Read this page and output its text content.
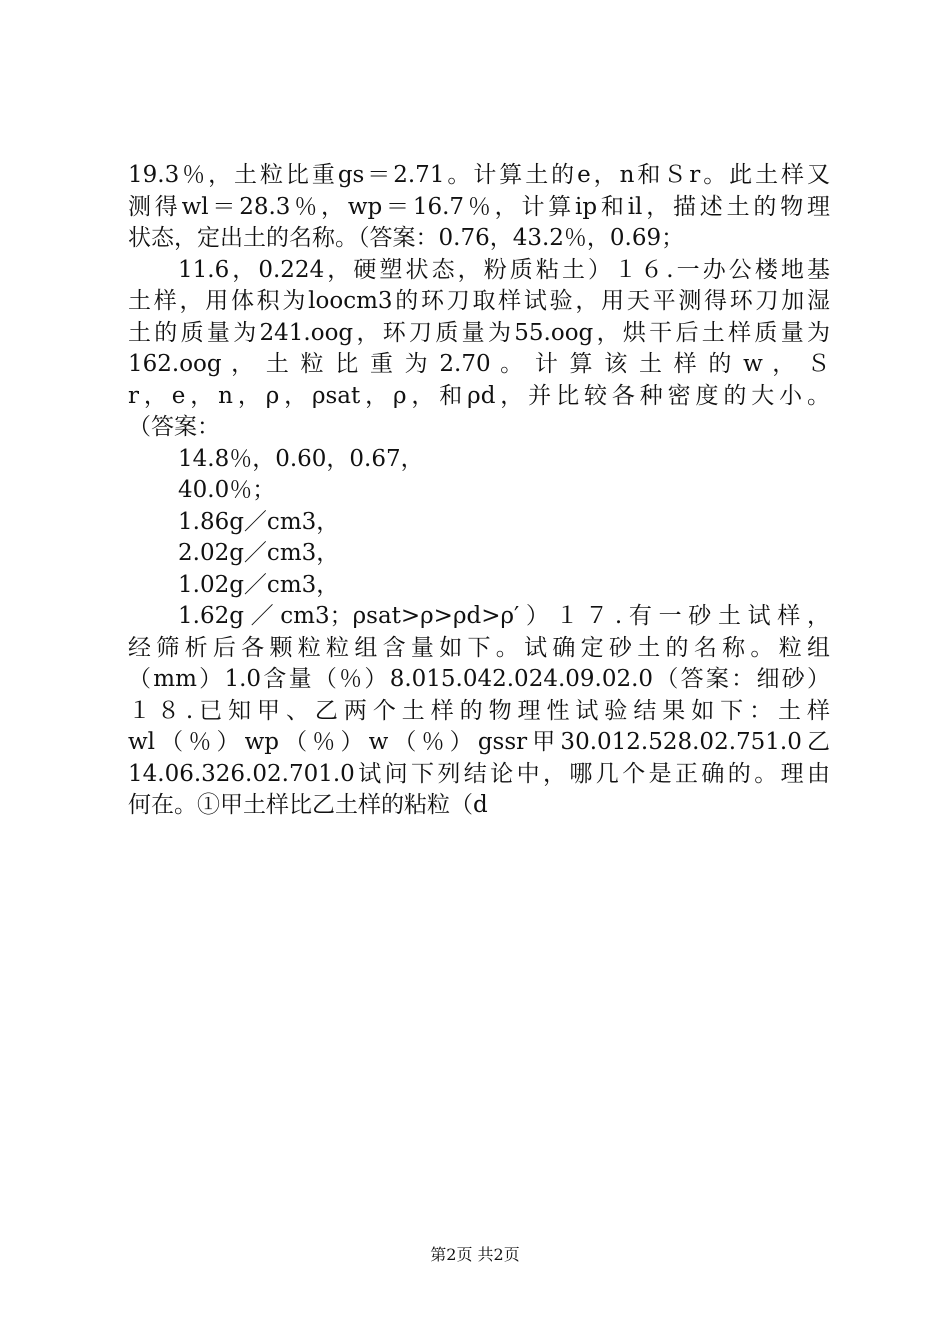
19.3％，土粒比重gs＝2.71。计算土的e，n和Ｓr。此土样又
测得wl＝28.3％，wp＝16.7％，计算ip和il，描述土的物理
状态，定出土的名称。（答案：0.76，43.2％，0.69；
11.6，0.224，硬塑状态，粉质粘土）１６.一办公楼地基
土样，用体积为loocm3的环刀取样试验，用天平测得环刀加湿
土的质量为241.oog，环刀质量为55.oog，烘干后土样质量为
162.oog ， 土 粒 比 重 为 2.70 。 计 算 该 土 样 的 w ， Ｓ
r，e，n，ρ，ρsat，ρ，和ρd，并比较各种密度的大小。
（答案：
14.8％，0.60，0.67，
40.0％；
1.86g／cm3，
2.02g／cm3，
1.02g／cm3，
1.62g／cm3；ρsat>ρ>ρd>ρ′）１７.有一砂土试样，
经筛析后各颗粒粒组含量如下。试确定砂土的名称。粒组
（mm）1.0含量（％）8.015.042.024.09.02.0（答案：细砂）
１８.已知甲、乙两个土样的物理性试验结果如下：土样
wl（％）wp（％）w（％）gssr甲30.012.528.02.751.0乙
14.06.326.02.701.0试问下列结论中，哪几个是正确的。理由
何在。①甲土样比乙土样的粘粒（d
第2页 共2页
